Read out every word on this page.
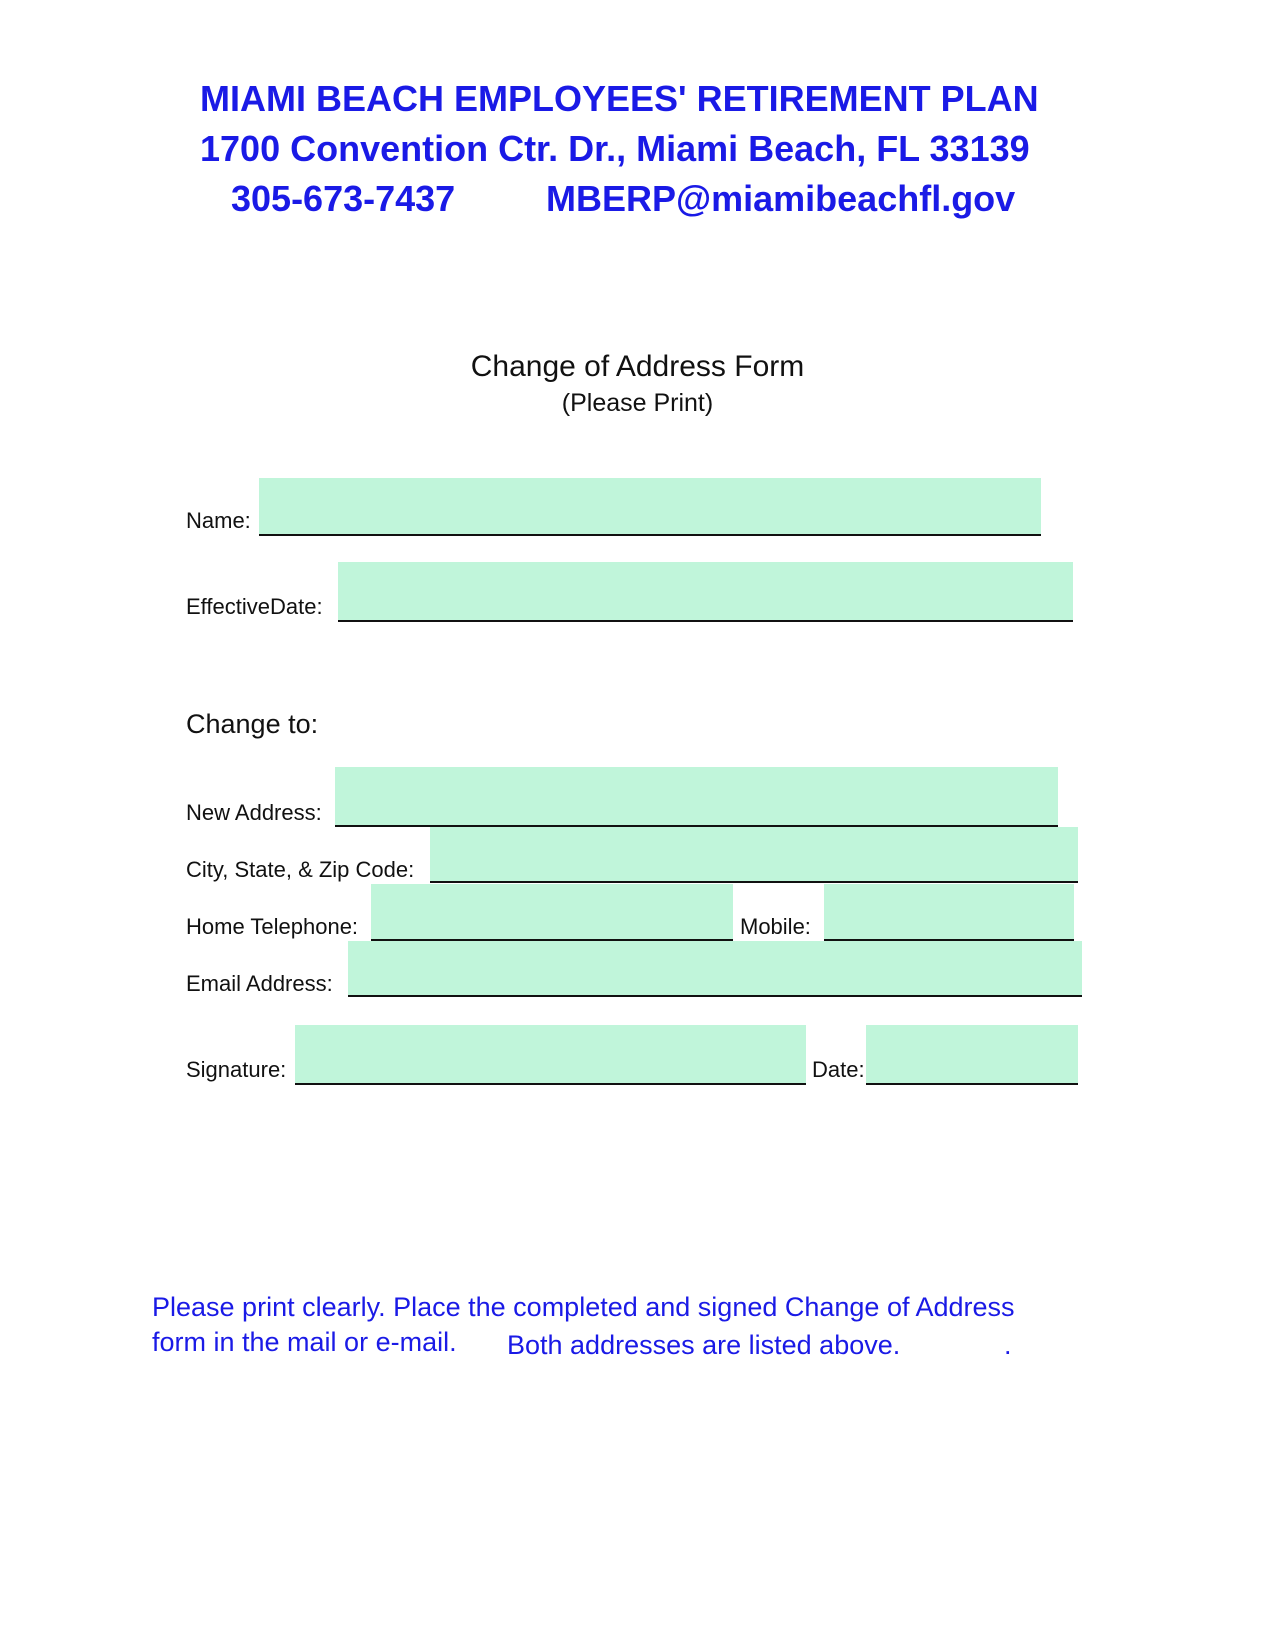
MIAMI BEACH EMPLOYEES' RETIREMENT PLAN
1700 Convention Ctr. Dr., Miami Beach, FL 33139
305-673-7437	MBERP@miamibeachfl.gov
Change of Address Form
(Please Print)
Name:
EffectiveDate:
Change to:
New Address:
City, State, & Zip Code:
Home Telephone:	Mobile:
Email Address:
Signature:	Date:
Please print clearly. Place the completed and signed Change of Address
form in the mail or e-mail. Both addresses are listed above.	.
